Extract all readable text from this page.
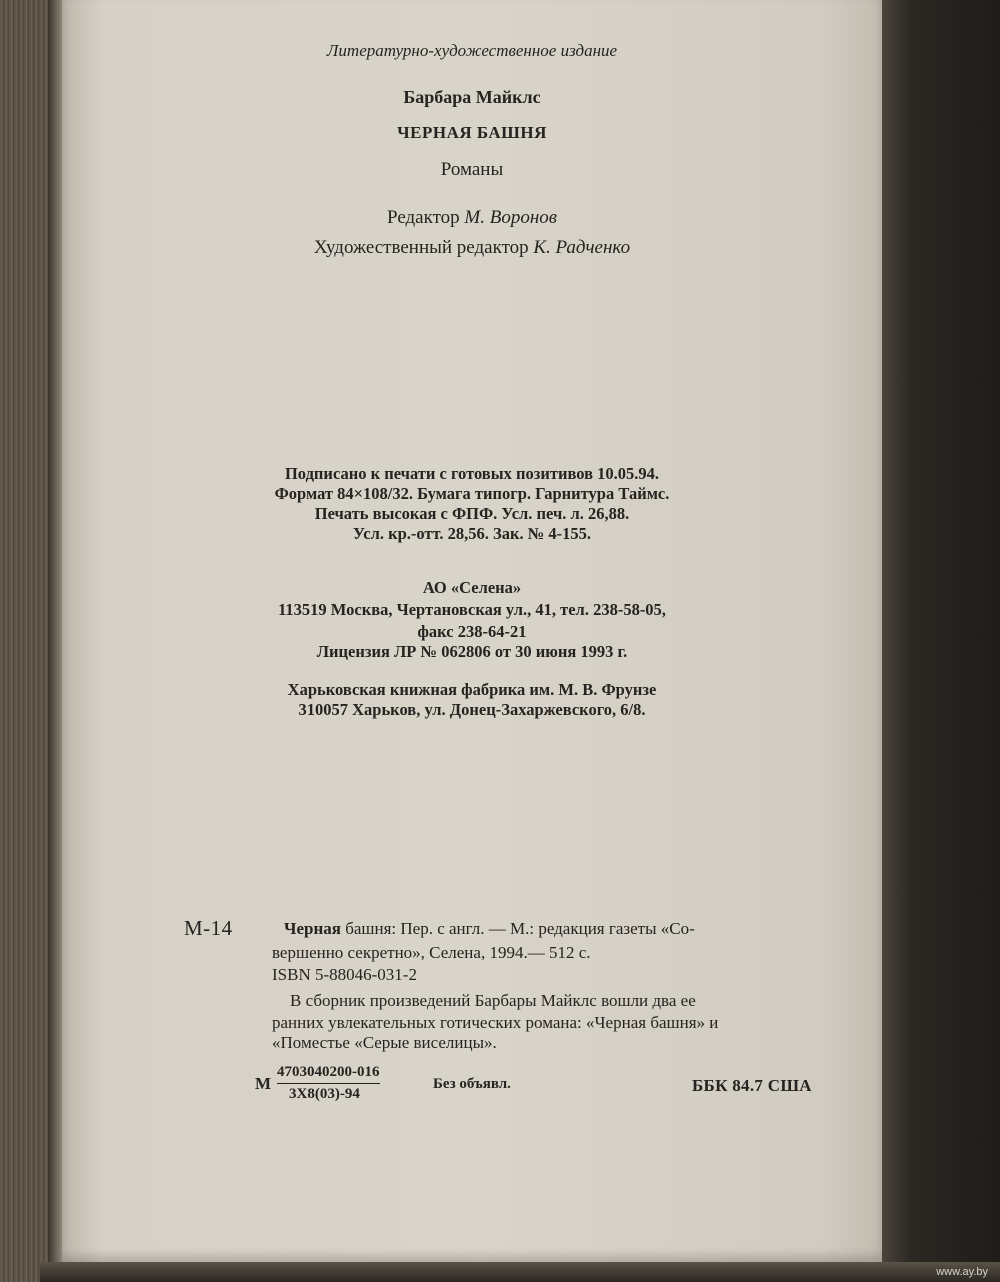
Литературно-художественное издание
Барбара Майклс
ЧЕРНАЯ БАШНЯ
Романы
Редактор М. Воронов
Художественный редактор К. Радченко
Подписано к печати с готовых позитивов 10.05.94.
Формат 84×108/32. Бумага типогр. Гарнитура Таймс.
Печать высокая с ФПФ. Усл. печ. л. 26,88.
Усл. кр.-отт. 28,56. Зак. № 4-155.
АО «Селена»
113519 Москва, Чертановская ул., 41, тел. 238-58-05,
факс 238-64-21
Лицензия ЛР № 062806 от 30 июня 1993 г.
Харьковская книжная фабрика им. М. В. Фрунзе
310057 Харьков, ул. Донец-Захаржевского, 6/8.
М-14	Черная башня: Пер. с англ. — М.: редакция газеты «Со-
вершенно секретно», Селена, 1994.— 512 с.
ISBN 5-88046-031-2
В сборник произведений Барбары Майклс вошли два ее
ранних увлекательных готических романа: «Черная башня» и
«Поместье «Серые виселицы».
М
4703040200-016
3Х8(03)-94
Без объявл.	ББК 84.7 США
www.ay.by
